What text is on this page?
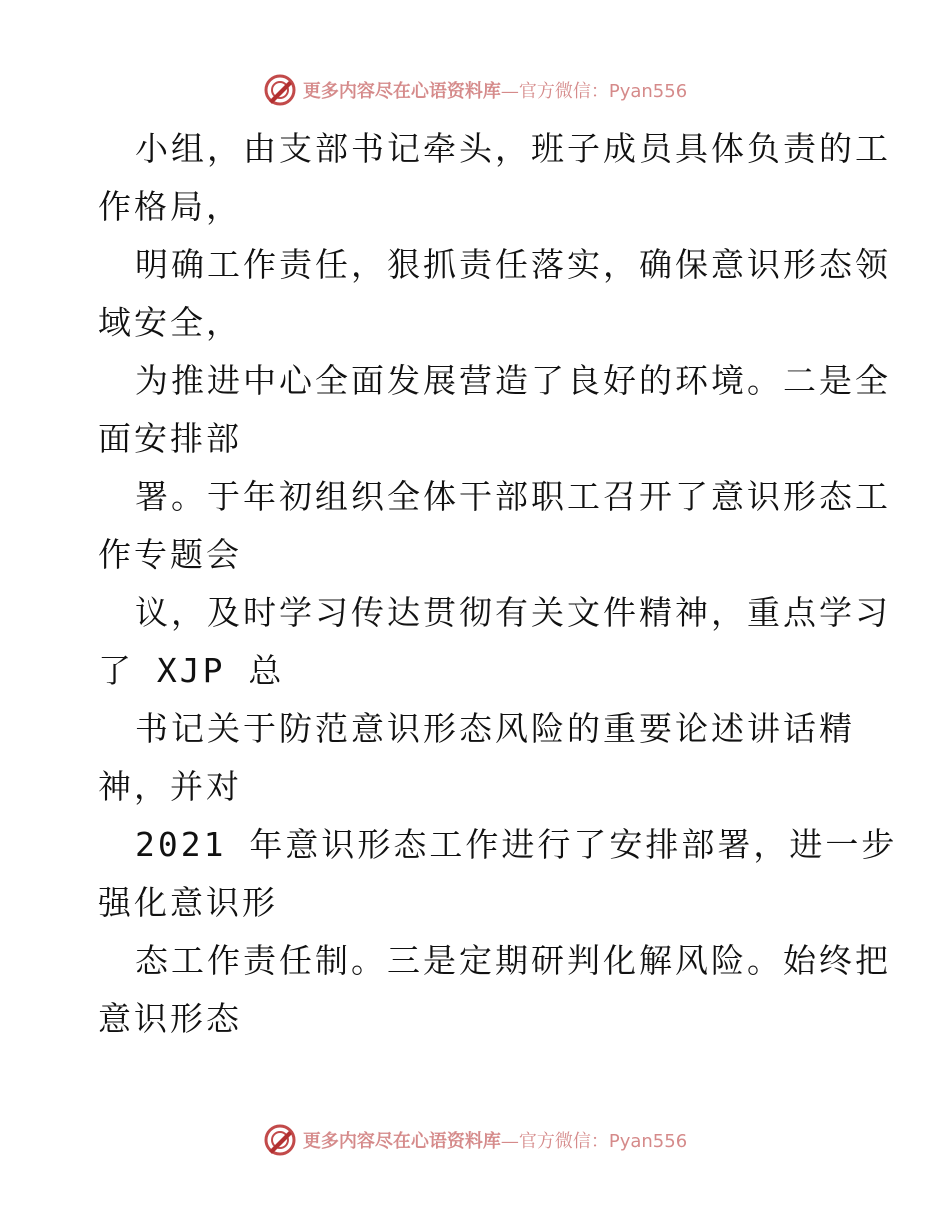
更多内容尽在心语资料库—官方微信：Pyan556
小组，由支部书记牵头，班子成员具体负责的工
作格局，
明确工作责任，狠抓责任落实，确保意识形态领
域安全，
为推进中心全面发展营造了良好的环境。二是全
面安排部
署。于年初组织全体干部职工召开了意识形态工
作专题会
议，及时学习传达贯彻有关文件精神，重点学习
了 XJP 总
书记关于防范意识形态风险的重要论述讲话精
神，并对
2021 年意识形态工作进行了安排部署，进一步
强化意识形
态工作责任制。三是定期研判化解风险。始终把
意识形态
更多内容尽在心语资料库—官方微信：Pyan556
